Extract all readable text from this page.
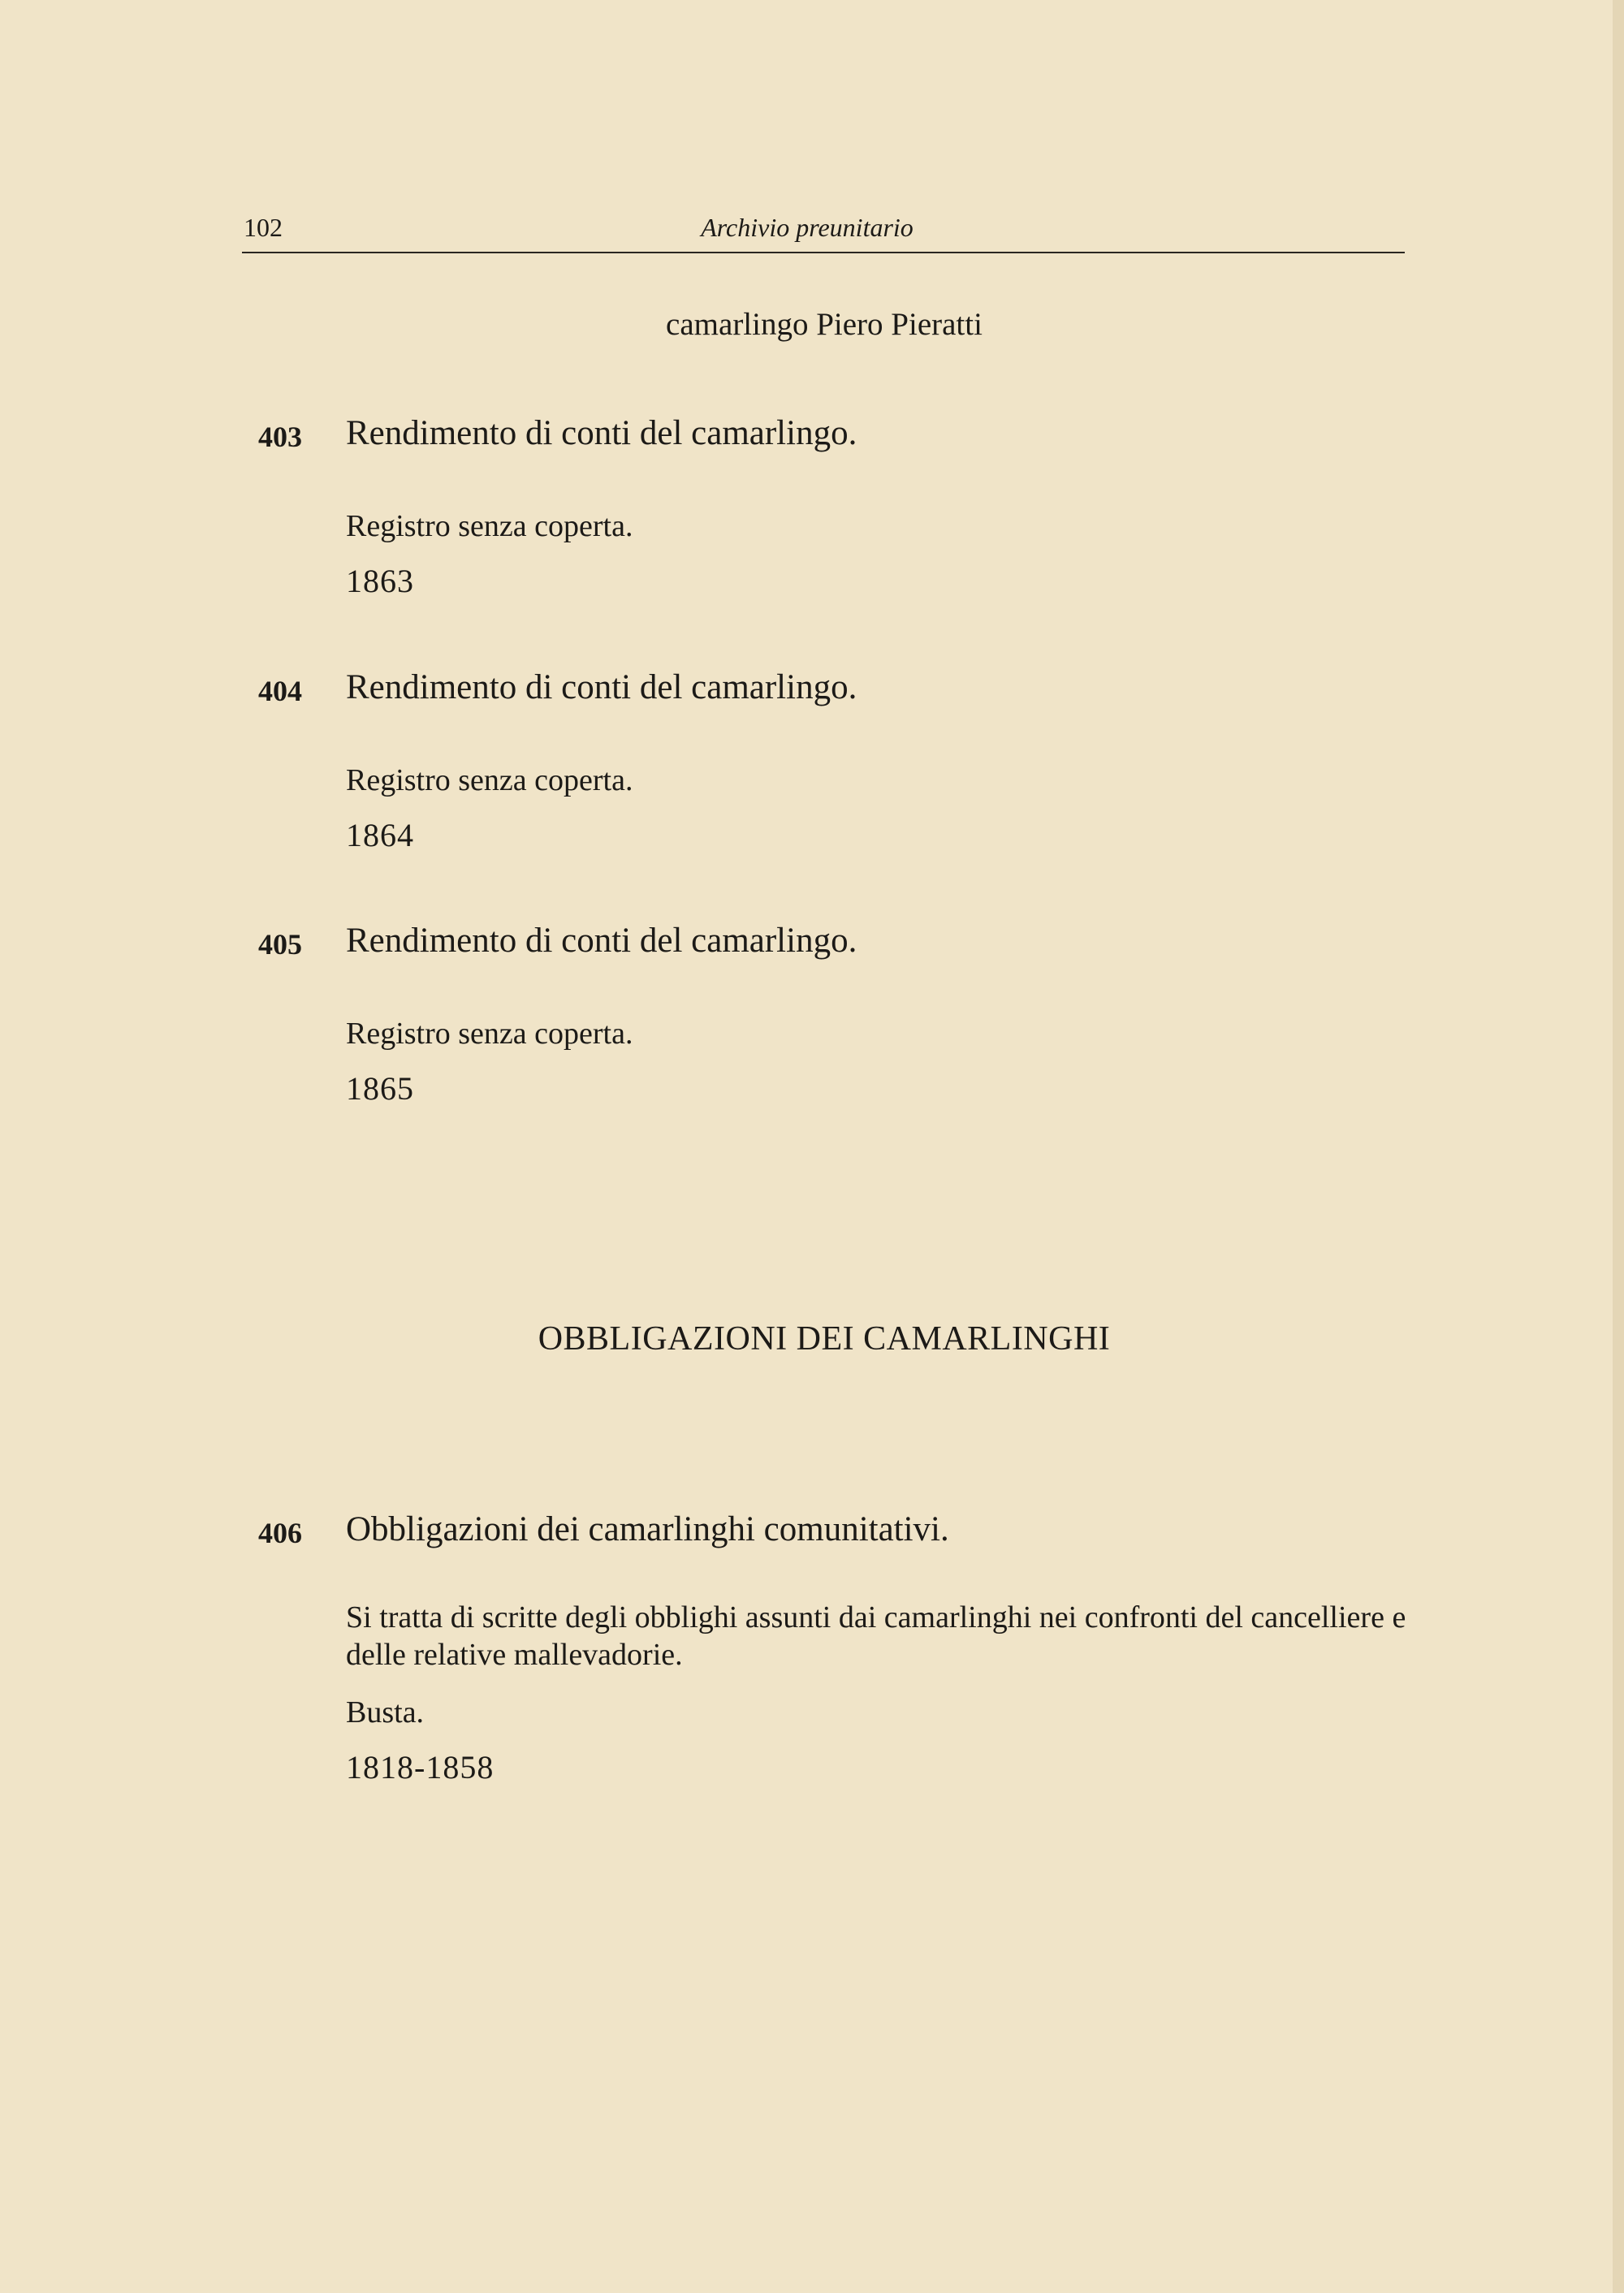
102	Archivio preunitario
camarlingo Piero Pieratti
403 Rendimento di conti del camarlingo.
Registro senza coperta.
1863
404 Rendimento di conti del camarlingo.
Registro senza coperta.
1864
405 Rendimento di conti del camarlingo.
Registro senza coperta.
1865
OBBLIGAZIONI DEI CAMARLINGHI
406 Obbligazioni dei camarlinghi comunitativi.
Si tratta di scritte degli obblighi assunti dai camarlinghi nei confronti del cancelliere e delle relative mallevadorie.
Busta.
1818-1858
